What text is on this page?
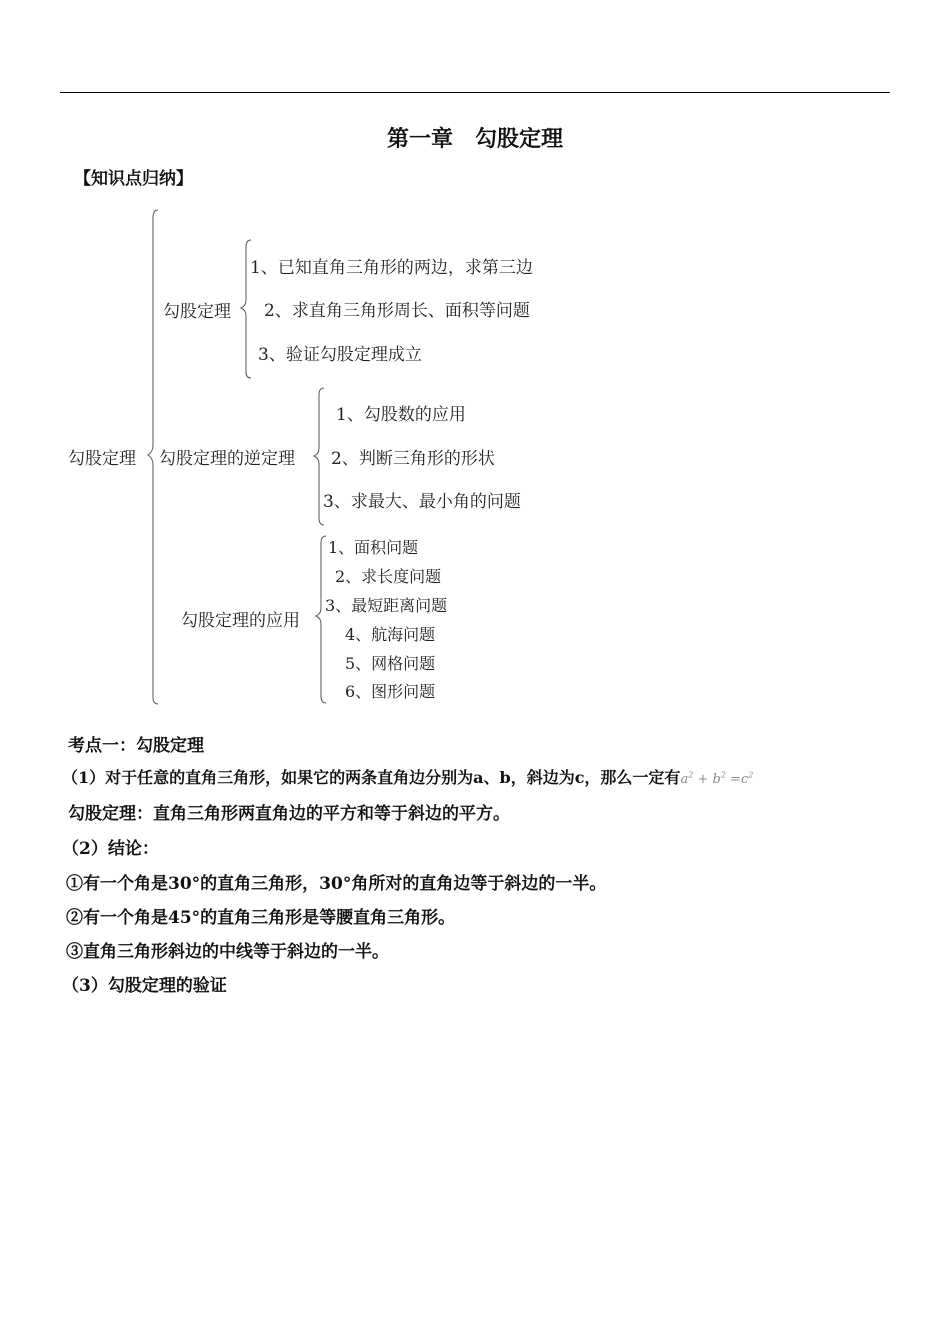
第一章　勾股定理
【知识点归纳】
勾股定理
勾股定理
1、已知直角三角形的两边，求第三边
2、求直角三角形周长、面积等问题
3、验证勾股定理成立
勾股定理的逆定理
1、勾股数的应用
2、判断三角形的形状
3、求最大、最小角的问题
勾股定理的应用
1、面积问题
2、求长度问题
3、最短距离问题
4、航海问题
5、网格问题
6、图形问题
考点一：勾股定理
（1）对于任意的直角三角形，如果它的两条直角边分别为a、b，斜边为c，那么一定有$a^2 + b^2 =c^2$
勾股定理：直角三角形两直角边的平方和等于斜边的平方。
（2）结论：
①有一个角是30°的直角三角形，30°角所对的直角边等于斜边的一半。
②有一个角是45°的直角三角形是等腰直角三角形。
③直角三角形斜边的中线等于斜边的一半。
（3）勾股定理的验证
